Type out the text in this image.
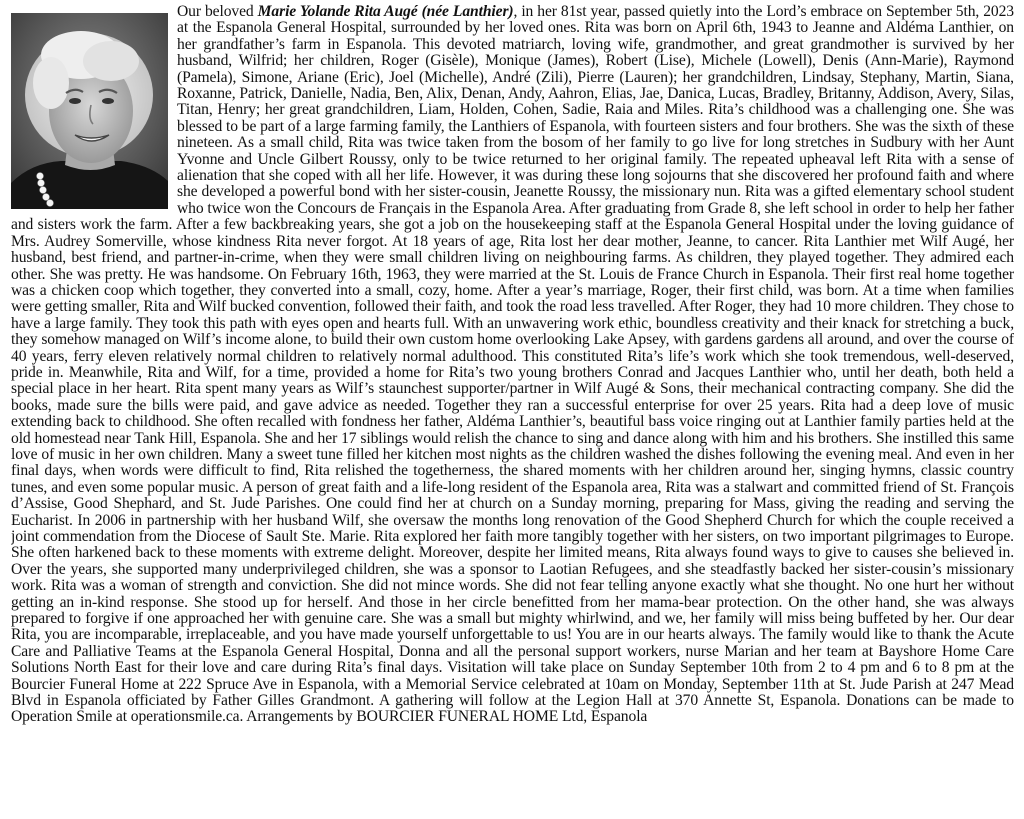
Our beloved Marie Yolande Rita Augé (née Lanthier), in her 81st year, passed quietly into the Lord’s embrace on September 5th, 2023 at the Espanola General Hospital, surrounded by her loved ones. Rita was born on April 6th, 1943 to Jeanne and Aldéma Lanthier, on her grandfather’s farm in Espanola. This devoted matriarch, loving wife, grandmother, and great grandmother is survived by her husband, Wilfrid; her children, Roger (Gisèle), Monique (James), Robert (Lise), Michele (Lowell), Denis (Ann-Marie), Raymond (Pamela), Simone, Ariane (Eric), Joel (Michelle), André (Zili), Pierre (Lauren); her grandchildren, Lindsay, Stephany, Martin, Siana, Roxanne, Patrick, Danielle, Nadia, Ben, Alix, Denan, Andy, Aahron, Elias, Jae, Danica, Lucas, Bradley, Britanny, Addison, Avery, Silas, Titan, Henry; her great grandchildren, Liam, Holden, Cohen, Sadie, Raia and Miles. Rita’s childhood was a challenging one. She was blessed to be part of a large farming family, the Lanthiers of Espanola, with fourteen sisters and four brothers. She was the sixth of these nineteen. As a small child, Rita was twice taken from the bosom of her family to go live for long stretches in Sudbury with her Aunt Yvonne and Uncle Gilbert Roussy, only to be twice returned to her original family. The repeated upheaval left Rita with a sense of alienation that she coped with all her life. However, it was during these long sojourns that she discovered her profound faith and where she developed a powerful bond with her sister-cousin, Jeanette Roussy, the missionary nun. Rita was a gifted elementary school student who twice won the Concours de Français in the Espanola Area. After graduating from Grade 8, she left school in order to help her father and sisters work the farm. After a few backbreaking years, she got a job on the housekeeping staff at the Espanola General Hospital under the loving guidance of Mrs. Audrey Somerville, whose kindness Rita never forgot. At 18 years of age, Rita lost her dear mother, Jeanne, to cancer. Rita Lanthier met Wilf Augé, her husband, best friend, and partner-in-crime, when they were small children living on neighbouring farms. As children, they played together. They admired each other. She was pretty. He was handsome. On February 16th, 1963, they were married at the St. Louis de France Church in Espanola. Their first real home together was a chicken coop which together, they converted into a small, cozy, home. After a year’s marriage, Roger, their first child, was born. At a time when families were getting smaller, Rita and Wilf bucked convention, followed their faith, and took the road less travelled. After Roger, they had 10 more children. They chose to have a large family. They took this path with eyes open and hearts full. With an unwavering work ethic, boundless creativity and their knack for stretching a buck, they somehow managed on Wilf’s income alone, to build their own custom home overlooking Lake Apsey, with gardens gardens all around, and over the course of 40 years, ferry eleven relatively normal children to relatively normal adulthood. This constituted Rita’s life’s work which she took tremendous, well-deserved, pride in. Meanwhile, Rita and Wilf, for a time, provided a home for Rita’s two young brothers Conrad and Jacques Lanthier who, until her death, both held a special place in her heart. Rita spent many years as Wilf’s staunchest supporter/partner in Wilf Augé & Sons, their mechanical contracting company. She did the books, made sure the bills were paid, and gave advice as needed. Together they ran a successful enterprise for over 25 years. Rita had a deep love of music extending back to childhood. She often recalled with fondness her father, Aldéma Lanthier’s, beautiful bass voice ringing out at Lanthier family parties held at the old homestead near Tank Hill, Espanola. She and her 17 siblings would relish the chance to sing and dance along with him and his brothers. She instilled this same love of music in her own children. Many a sweet tune filled her kitchen most nights as the children washed the dishes following the evening meal. And even in her final days, when words were difficult to find, Rita relished the togetherness, the shared moments with her children around her, singing hymns, classic country tunes, and even some popular music. A person of great faith and a life-long resident of the Espanola area, Rita was a stalwart and committed friend of St. François d’Assise, Good Shephard, and St. Jude Parishes. One could find her at church on a Sunday morning, preparing for Mass, giving the reading and serving the Eucharist. In 2006 in partnership with her husband Wilf, she oversaw the months long renovation of the Good Shepherd Church for which the couple received a joint commendation from the Diocese of Sault Ste. Marie. Rita explored her faith more tangibly together with her sisters, on two important pilgrimages to Europe. She often harkened back to these moments with extreme delight. Moreover, despite her limited means, Rita always found ways to give to causes she believed in. Over the years, she supported many underprivileged children, she was a sponsor to Laotian Refugees, and she steadfastly backed her sister-cousin’s missionary work. Rita was a woman of strength and conviction. She did not mince words. She did not fear telling anyone exactly what she thought. No one hurt her without getting an in-kind response. She stood up for herself. And those in her circle benefitted from her mama-bear protection. On the other hand, she was always prepared to forgive if one approached her with genuine care. She was a small but mighty whirlwind, and we, her family will miss being buffeted by her. Our dear Rita, you are incomparable, irreplaceable, and you have made yourself unforgettable to us! You are in our hearts always. The family would like to thank the Acute Care and Palliative Teams at the Espanola General Hospital, Donna and all the personal support workers, nurse Marian and her team at Bayshore Home Care Solutions North East for their love and care during Rita’s final days. Visitation will take place on Sunday September 10th from 2 to 4 pm and 6 to 8 pm at the Bourcier Funeral Home at 222 Spruce Ave in Espanola, with a Memorial Service celebrated at 10am on Monday, September 11th at St. Jude Parish at 247 Mead Blvd in Espanola officiated by Father Gilles Grandmont. A gathering will follow at the Legion Hall at 370 Annette St, Espanola. Donations can be made to Operation Smile at operationsmile.ca. Arrangements by BOURCIER FUNERAL HOME Ltd, Espanola
